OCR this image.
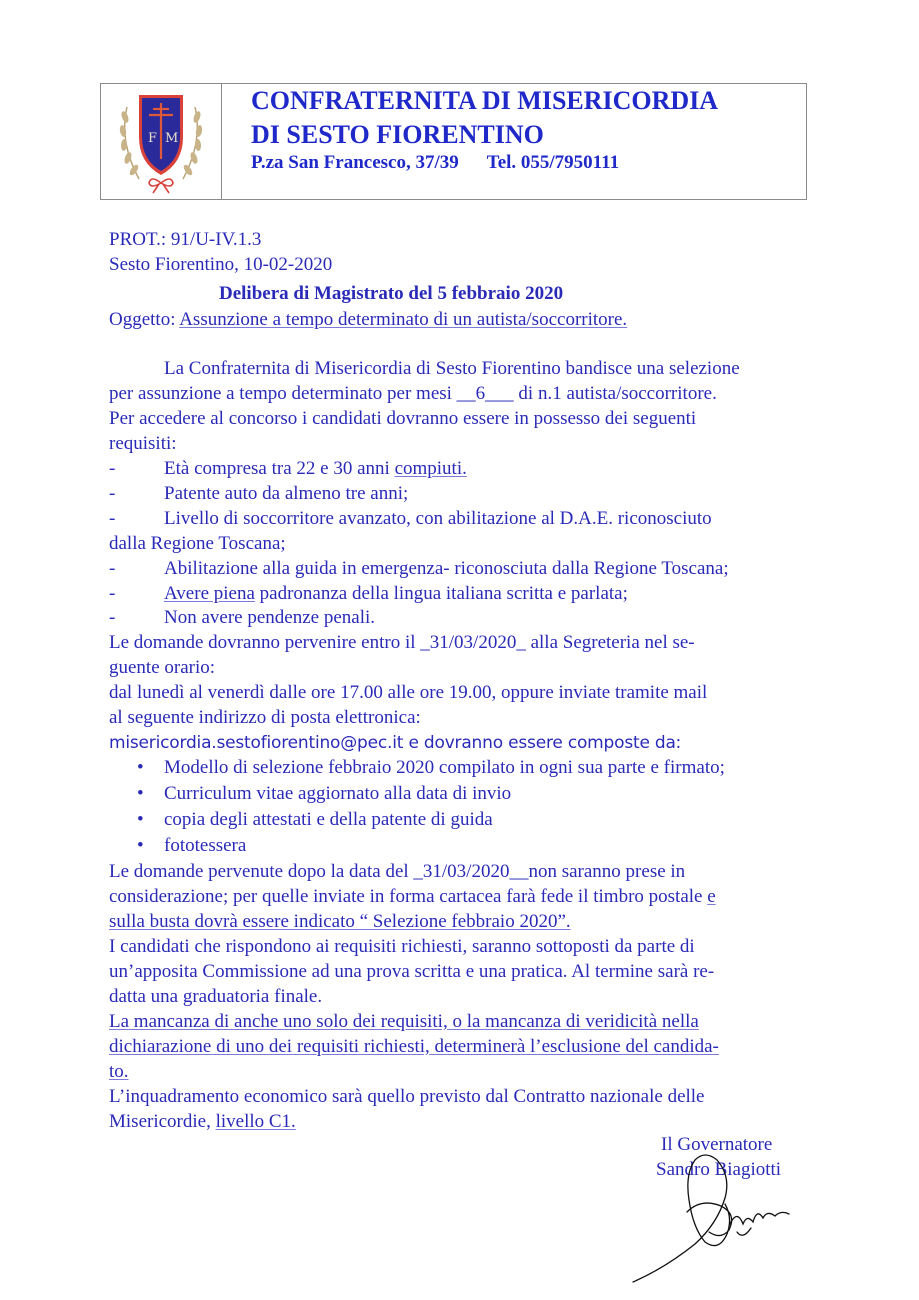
F M
CONFRATERNITA DI MISERICORDIA
DI SESTO FIORENTINO
P.za San Francesco, 37/39 Tel. 055/7950111
PROT.: 91/U-IV.1.3
Sesto Fiorentino, 10-02-2020
Delibera di Magistrato del 5 febbraio 2020
Oggetto: Assunzione a tempo determinato di un autista/soccorritore.
La Confraternita di Misericordia di Sesto Fiorentino bandisce una selezione
per assunzione a tempo determinato per mesi __6___ di n.1 autista/soccorritore.
Per accedere al concorso i candidati dovranno essere in possesso dei seguenti
requisiti:
-	Età compresa tra 22 e 30 anni compiuti.
-	Patente auto da almeno tre anni;
-	Livello di soccorritore avanzato, con abilitazione al D.A.E. riconosciuto
dalla Regione Toscana;
-	Abilitazione alla guida in emergenza- riconosciuta dalla Regione Toscana;
-	Avere piena padronanza della lingua italiana scritta e parlata;
-	Non avere pendenze penali.
Le domande dovranno pervenire entro il _31/03/2020_ alla Segreteria nel se-
guente orario:
dal lunedì al venerdì dalle ore 17.00 alle ore 19.00, oppure inviate tramite mail
al seguente indirizzo di posta elettronica:
misericordia.sestofiorentino@pec.it e dovranno essere composte da:
• Modello di selezione febbraio 2020 compilato in ogni sua parte e firmato;
• Curriculum vitae aggiornato alla data di invio
• copia degli attestati e della patente di guida
• fototessera
Le domande pervenute dopo la data del _31/03/2020__non saranno prese in
considerazione; per quelle inviate in forma cartacea farà fede il timbro postale e
sulla busta dovrà essere indicato “ Selezione febbraio 2020”.
I candidati che rispondono ai requisiti richiesti, saranno sottoposti da parte di
un’apposita Commissione ad una prova scritta e una pratica. Al termine sarà re-
datta una graduatoria finale.
La mancanza di anche uno solo dei requisiti, o la mancanza di veridicità nella
dichiarazione di uno dei requisiti richiesti, determinerà l’esclusione del candida-
to.
L’inquadramento economico sarà quello previsto dal Contratto nazionale delle
Misericordie, livello C1.
Il Governatore
Sandro Biagiotti
